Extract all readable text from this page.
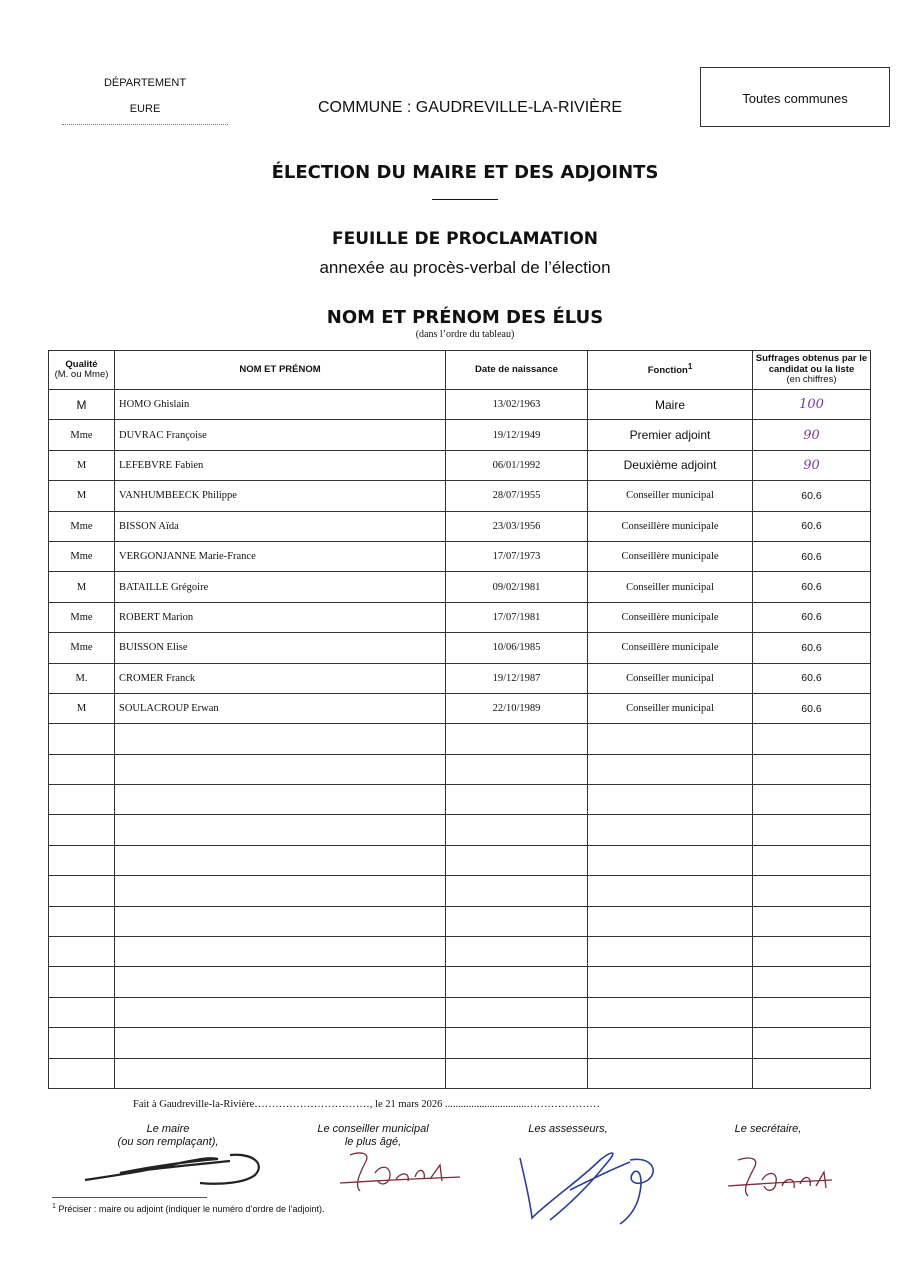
DÉPARTEMENT
EURE	COMMUNE : GAUDREVILLE-LA-RIVIÈRE
Toutes communes
ÉLECTION DU MAIRE ET DES ADJOINTS
FEUILLE DE PROCLAMATION
annexée au procès-verbal de l’élection
NOM ET PRÉNOM DES ÉLUS
(dans l’ordre du tableau)
Qualité
(M. ou Mme)	NOM ET PRÉNOM	Date de naissance	Fonction$^1$	Suffrages obtenus par le candidat ou la liste
(en chiffres)

M	HOMO Ghislain	13/02/1963	Maire	100
Mme	DUVRAC Françoise	19/12/1949	Premier adjoint	90
M	LEFEBVRE Fabien	06/01/1992	Deuxième adjoint	90
M	VANHUMBEECK Philippe	28/07/1955	Conseiller municipal	60.6
Mme	BISSON Aïda	23/03/1956	Conseillère municipale	60.6
Mme	VERGONJANNE Marie-France	17/07/1973	Conseillère municipale	60.6
M	BATAILLE Grégoire	09/02/1981	Conseiller municipal	60.6
Mme	ROBERT Marion	17/07/1981	Conseillère municipale	60.6
Mme	BUISSON Elise	10/06/1985	Conseillère municipale	60.6
M.	CROMER Franck	19/12/1987	Conseiller municipal	60.6
M	SOULACROUP Erwan	22/10/1989	Conseiller municipal	60.6

Fait à Gaudreville-la-Rivière……………………………, le 21 mars 2026 ...............................…………………
Le maire
(ou son remplaçant),
Le conseiller municipal
le plus âgé,
Les assesseurs,	Le secrétaire,
$^1$ Préciser : maire ou adjoint (indiquer le numéro d’ordre de l’adjoint).
